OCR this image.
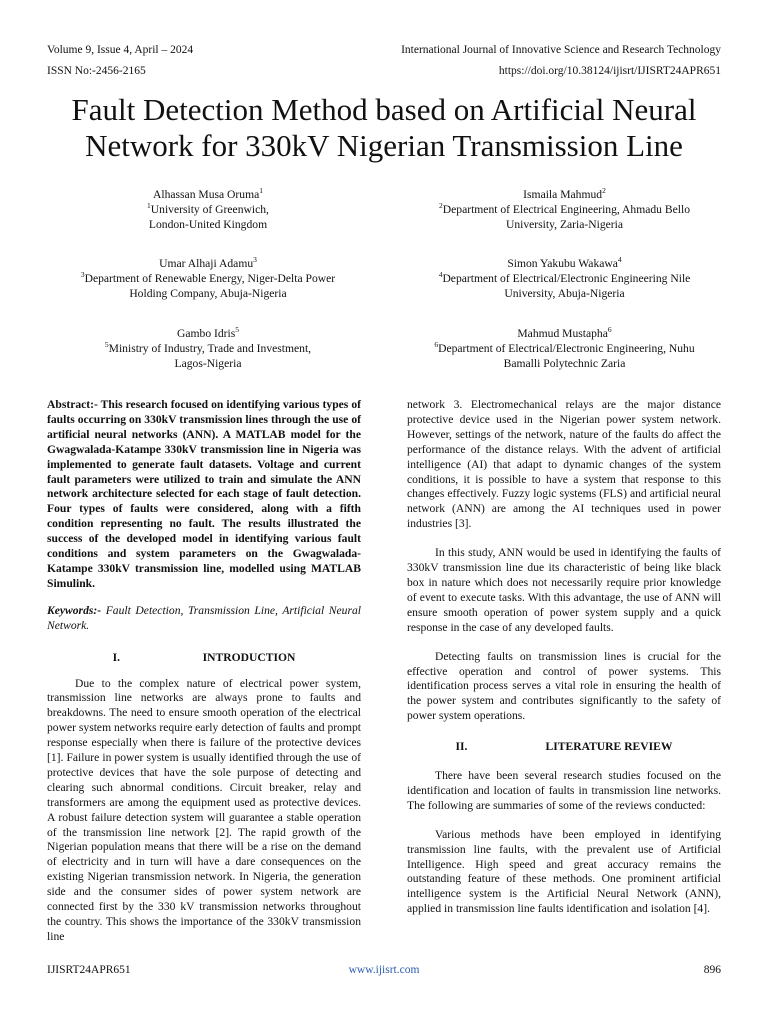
Volume 9, Issue 4, April – 2024
ISSN No:-2456-2165
International Journal of Innovative Science and Research Technology
https://doi.org/10.38124/ijisrt/IJISRT24APR651
Fault Detection Method based on Artificial Neural
Network for 330kV Nigerian Transmission Line
Alhassan Musa Oruma$^1$
$^1$University of Greenwich,
London-United Kingdom
Ismaila Mahmud$^2$
$^2$Department of Electrical Engineering, Ahmadu Bello
University, Zaria-Nigeria
Umar Alhaji Adamu$^3$
$^3$Department of Renewable Energy, Niger-Delta Power
Holding Company, Abuja-Nigeria
Simon Yakubu Wakawa$^4$
$^4$Department of Electrical/Electronic Engineering Nile
University, Abuja-Nigeria
Gambo Idris$^5$
$^5$Ministry of Industry, Trade and Investment,
Lagos-Nigeria
Mahmud Mustapha$^6$
$^6$Department of Electrical/Electronic Engineering, Nuhu
Bamalli Polytechnic Zaria

Abstract:- This research focused on identifying various types of faults occurring on 330kV transmission lines through the use of artificial neural networks (ANN). A MATLAB model for the Gwagwalada-Katampe 330kV transmission line in Nigeria was implemented to generate fault datasets. Voltage and current fault parameters were utilized to train and simulate the ANN network architecture selected for each stage of fault detection. Four types of faults were considered, along with a fifth condition representing no fault. The results illustrated the success of the developed model in identifying various fault conditions and system parameters on the Gwagwalada-Katampe 330kV transmission line, modelled using MATLAB Simulink.

Keywords:- Fault Detection, Transmission Line, Artificial Neural Network.

I.	INTRODUCTION

Due to the complex nature of electrical power system, transmission line networks are always prone to faults and breakdowns. The need to ensure smooth operation of the electrical power system networks require early detection of faults and prompt response especially when there is failure of the protective devices [1]. Failure in power system is usually identified through the use of protective devices that have the sole purpose of detecting and clearing such abnormal conditions. Circuit breaker, relay and transformers are among the equipment used as protective devices. A robust failure detection system will guarantee a stable operation of the transmission line network [2]. The rapid growth of the Nigerian population means that there will be a rise on the demand of electricity and in turn will have a dare consequences on the existing Nigerian transmission network. In Nigeria, the generation side and the consumer sides of power system network are connected first by the 330 kV transmission networks throughout the country. This shows the importance of the 330kV transmission line

network 3. Electromechanical relays are the major distance protective device used in the Nigerian power system network. However, settings of the network, nature of the faults do affect the performance of the distance relays. With the advent of artificial intelligence (AI) that adapt to dynamic changes of the system conditions, it is possible to have a system that response to this changes effectively. Fuzzy logic systems (FLS) and artificial neural network (ANN) are among the AI techniques used in power industries [3].

In this study, ANN would be used in identifying the faults of 330kV transmission line due its characteristic of being like black box in nature which does not necessarily require prior knowledge of event to execute tasks. With this advantage, the use of ANN will ensure smooth operation of power system supply and a quick response in the case of any developed faults.

Detecting faults on transmission lines is crucial for the effective operation and control of power systems. This identification process serves a vital role in ensuring the health of the power system and contributes significantly to the safety of power system operations.

II.	LITERATURE REVIEW

There have been several research studies focused on the identification and location of faults in transmission line networks. The following are summaries of some of the reviews conducted:

Various methods have been employed in identifying transmission line faults, with the prevalent use of Artificial Intelligence. High speed and great accuracy remains the outstanding feature of these methods. One prominent artificial intelligence system is the Artificial Neural Network (ANN), applied in transmission line faults identification and isolation [4].

IJISRT24APR651	www.ijisrt.com	896
